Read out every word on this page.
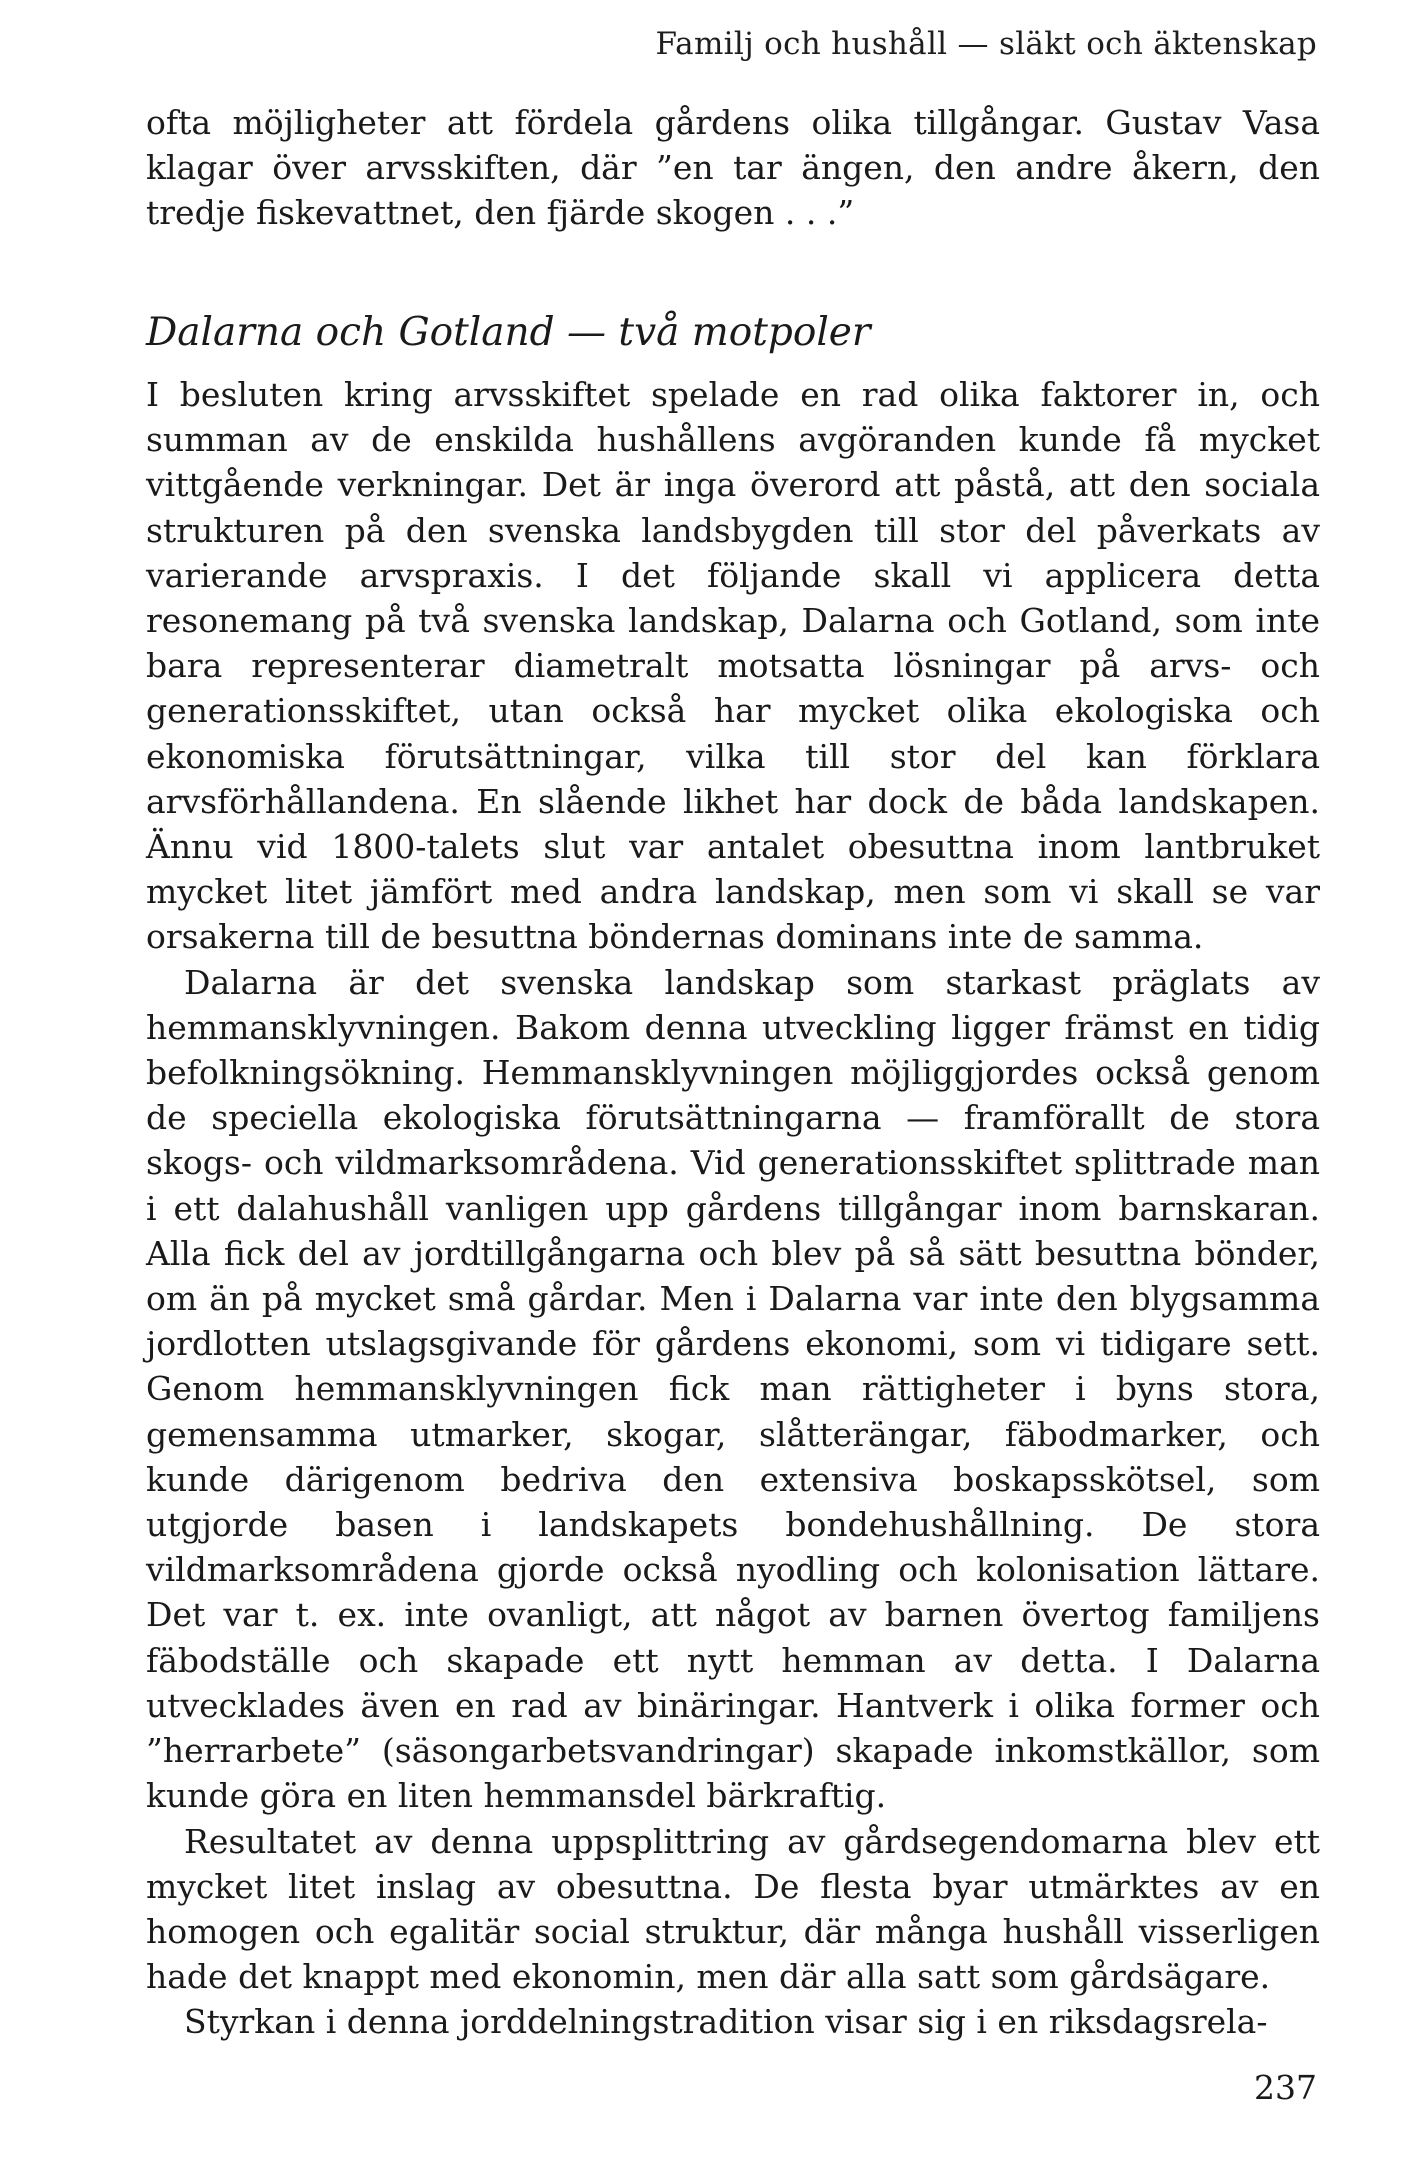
Familj och hushåll — släkt och äktenskap

ofta möjligheter att fördela gårdens olika tillgångar. Gustav Vasa klagar över arvsskiften, där ”en tar ängen, den andre åkern, den tredje fiskevattnet, den fjärde skogen . . .”

Dalarna och Gotland — två motpoler

I besluten kring arvsskiftet spelade en rad olika faktorer in, och summan av de enskilda hushållens avgöranden kunde få mycket vittgående verkningar. Det är inga överord att påstå, att den sociala strukturen på den svenska landsbygden till stor del påverkats av varierande arvspraxis. I det följande skall vi applicera detta resonemang på två svenska landskap, Dalarna och Gotland, som inte bara representerar diametralt motsatta lösningar på arvs- och generationsskiftet, utan också har mycket olika ekologiska och ekonomiska förutsättningar, vilka till stor del kan förklara arvsförhållandena. En slående likhet har dock de båda landskapen. Ännu vid 1800-talets slut var antalet obesuttna inom lantbruket mycket litet jämfört med andra landskap, men som vi skall se var orsakerna till de besuttna böndernas dominans inte de samma.

Dalarna är det svenska landskap som starkast präglats av hemmansklyvningen. Bakom denna utveckling ligger främst en tidig befolkningsökning. Hemmansklyvningen möjliggjordes också genom de speciella ekologiska förutsättningarna — framförallt de stora skogs- och vildmarksområdena. Vid generationsskiftet splittrade man i ett dalahushåll vanligen upp gårdens tillgångar inom barnskaran. Alla fick del av jordtillgångarna och blev på så sätt besuttna bönder, om än på mycket små gårdar. Men i Dalarna var inte den blygsamma jordlotten utslagsgivande för gårdens ekonomi, som vi tidigare sett. Genom hemmansklyvningen fick man rättigheter i byns stora, gemensamma utmarker, skogar, slåtterängar, fäbodmarker, och kunde därigenom bedriva den extensiva boskapsskötsel, som utgjorde basen i landskapets bondehushållning. De stora vildmarksområdena gjorde också nyodling och kolonisation lättare. Det var t. ex. inte ovanligt, att något av barnen övertog familjens fäbodställe och skapade ett nytt hemman av detta. I Dalarna utvecklades även en rad av binäringar. Hantverk i olika former och ”herrarbete” (säsongarbetsvandringar) skapade inkomstkällor, som kunde göra en liten hemmansdel bärkraftig.

Resultatet av denna uppsplittring av gårdsegendomarna blev ett mycket litet inslag av obesuttna. De flesta byar utmärktes av en homogen och egalitär social struktur, där många hushåll visserligen hade det knappt med ekonomin, men där alla satt som gårdsägare.

Styrkan i denna jorddelningstradition visar sig i en riksdagsrela-

237
